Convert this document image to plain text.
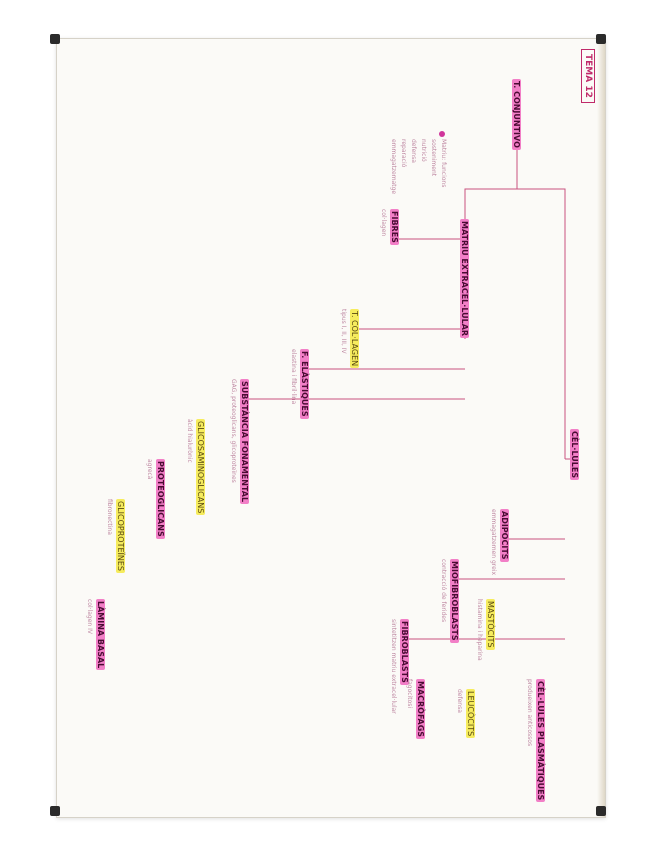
TEMA 12
T. CONJUNTIVO
CÈL·LULES
MATRIU EXTRACEL·LULAR
FIBROBLASTS
sintetitzen matriu extracel·lular
MIOFIBROBLASTS
contracció de ferides
ADIPOCITS
emmagatzemen greix
MASTÒCITS
histamina i heparina
CÈL·LULES PLASMÀTIQUES
produeixen anticossos
LEUCÒCITS
defensa
MACRÒFAGS
fagocitosi
FIBRES
col·lagen
T. COL·LAGEN
tipus I, II, III, IV
F. ELÀSTIQUES
elastina i fibril·lina
SUBSTÀNCIA FONAMENTAL
GAG, proteoglicans, glicoproteïnes
GLICOSAMINOGLICANS
àcid hialurònic
PROTEOGLICANS
agrecà
GLICOPROTEÏNES
fibronectina
LÀMINA BASAL
col·lagen IV
Matriu: funcions
sosteniment
nutrició
defensa
reparació
emmagatzematge
